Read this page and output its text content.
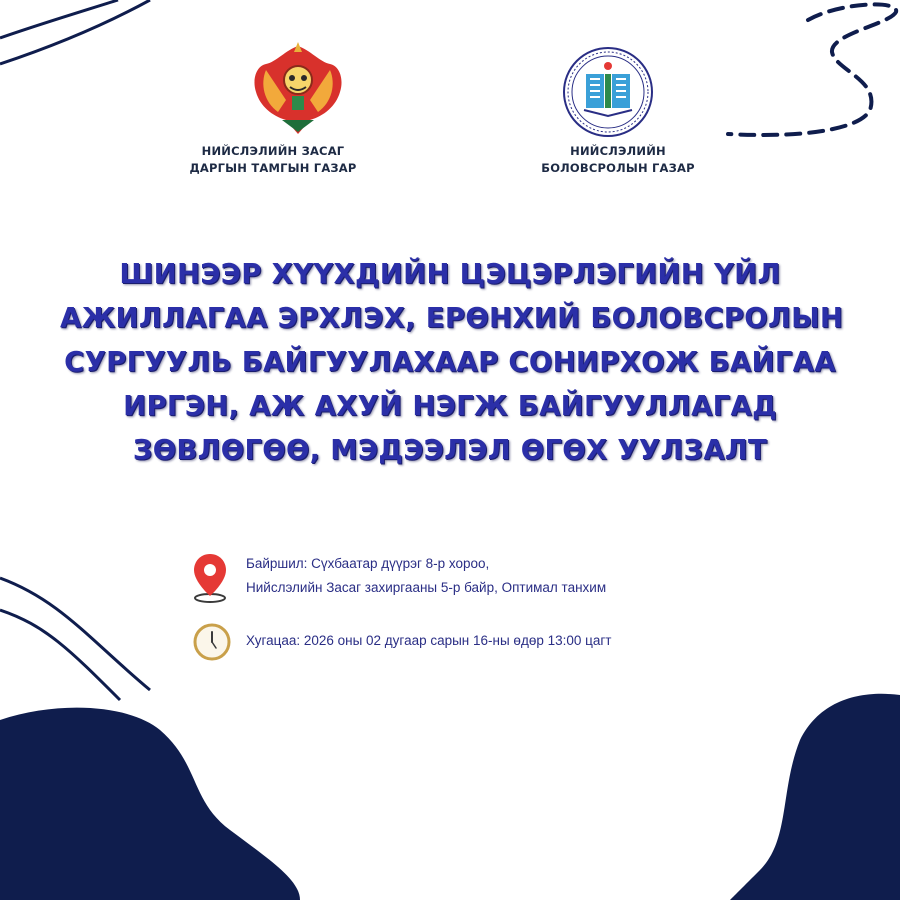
НИЙСЛЭЛИЙН ЗАСАГ
ДАРГЫН ТАМГЫН ГАЗАР
НИЙСЛЭЛИЙН
БОЛОВСРОЛЫН ГАЗАР
ШИНЭЭР ХҮҮХДИЙН ЦЭЦЭРЛЭГИЙН ҮЙЛ
АЖИЛЛАГАА ЭРХЛЭХ, ЕРӨНХИЙ БОЛОВСРОЛЫН
СУРГУУЛЬ БАЙГУУЛАХААР СОНИРХОЖ БАЙГАА
ИРГЭН, АЖ АХУЙ НЭГЖ БАЙГУУЛЛАГАД
ЗӨВЛӨГӨӨ, МЭДЭЭЛЭЛ ӨГӨХ УУЛЗАЛТ
Байршил: Сүхбаатар дүүрэг 8-р хороо,
Нийслэлийн Засаг захиргааны 5-р байр, Оптимал танхим
Хугацаа: 2026 оны 02 дугаар сарын 16-ны өдөр 13:00 цагт
